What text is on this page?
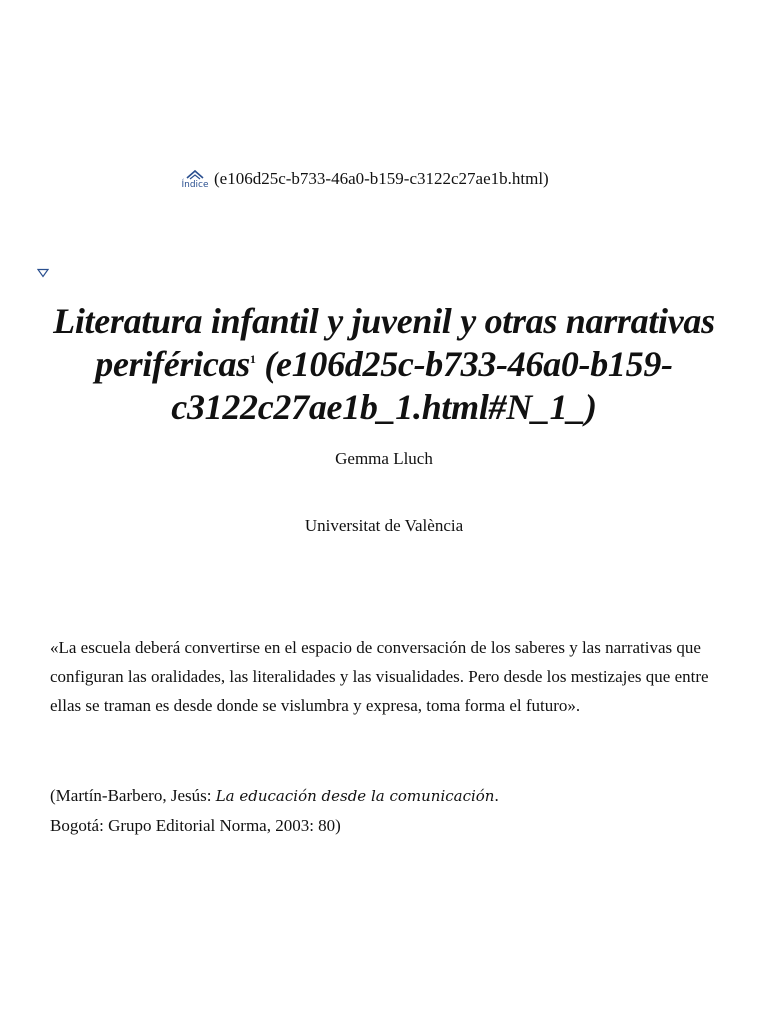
Índice (e106d25c-b733-46a0-b159-c3122c27ae1b.html)
Literatura infantil y juvenil y otras narrativas periféricas$^1$ (e106d25c-b733-46a0-b159-c3122c27ae1b_1.html#N_1_)
Gemma Lluch
Universitat de València

«La escuela deberá convertirse en el espacio de conversación de los saberes y las narrativas que configuran las oralidades, las literalidades y las visualidades. Pero desde los mestizajes que entre ellas se traman es desde donde se vislumbra y expresa, toma forma el futuro».

(Martín-Barbero, Jesús: La educación desde la comunicación.
Bogotá: Grupo Editorial Norma, 2003: 80)
